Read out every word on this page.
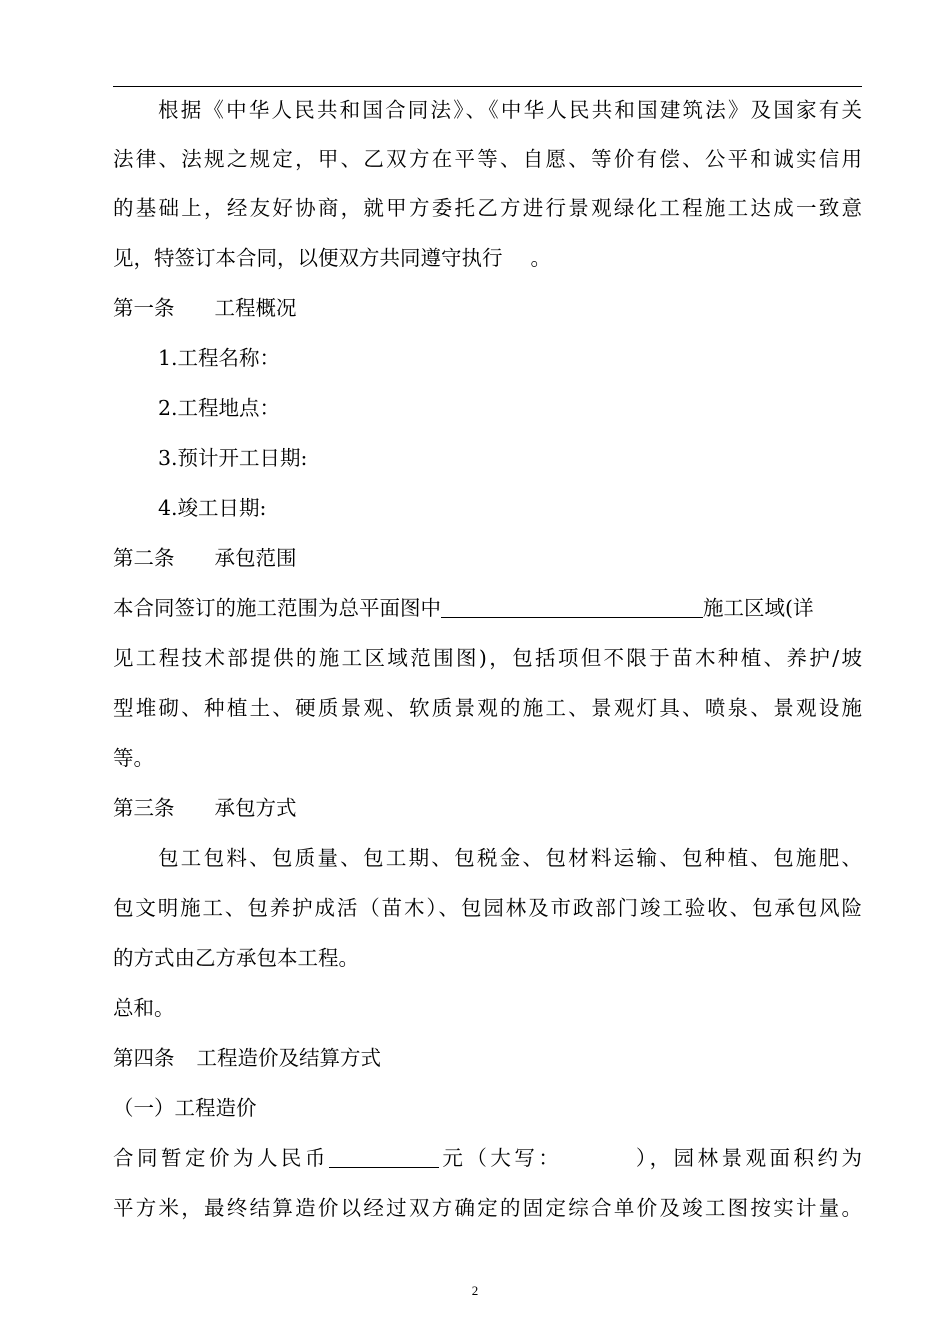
根据《中华人民共和国合同法》、《中华人民共和国建筑法》及国家有关
法律、法规之规定，甲、乙双方在平等、自愿、等价有偿、公平和诚实信用
的基础上，经友好协商，就甲方委托乙方进行景观绿化工程施工达成一致意
见，特签订本合同，以便双方共同遵守执行 。
第一条 工程概况
1.工程名称：
2.工程地点：
3.预计开工日期:
4.竣工日期:
第二条 承包范围
本合同签订的施工范围为总平面图中	施工区域(详
见工程技术部提供的施工区域范围图)，包括项但不限于苗木种植、养护/坡
型堆砌、种植土、硬质景观、软质景观的施工、景观灯具、喷泉、景观设施
等。
第三条 承包方式
包工包料、包质量、包工期、包税金、包材料运输、包种植、包施肥、
包文明施工、包养护成活（苗木）、包园林及市政部门竣工验收、包承包风险
的方式由乙方承包本工程。
总和。
第四条 工程造价及结算方式
（一）工程造价
合同暂定价为人民币	元（大写：	），园林景观面积约为
平方米，最终结算造价以经过双方确定的固定综合单价及竣工图按实计量。
2
